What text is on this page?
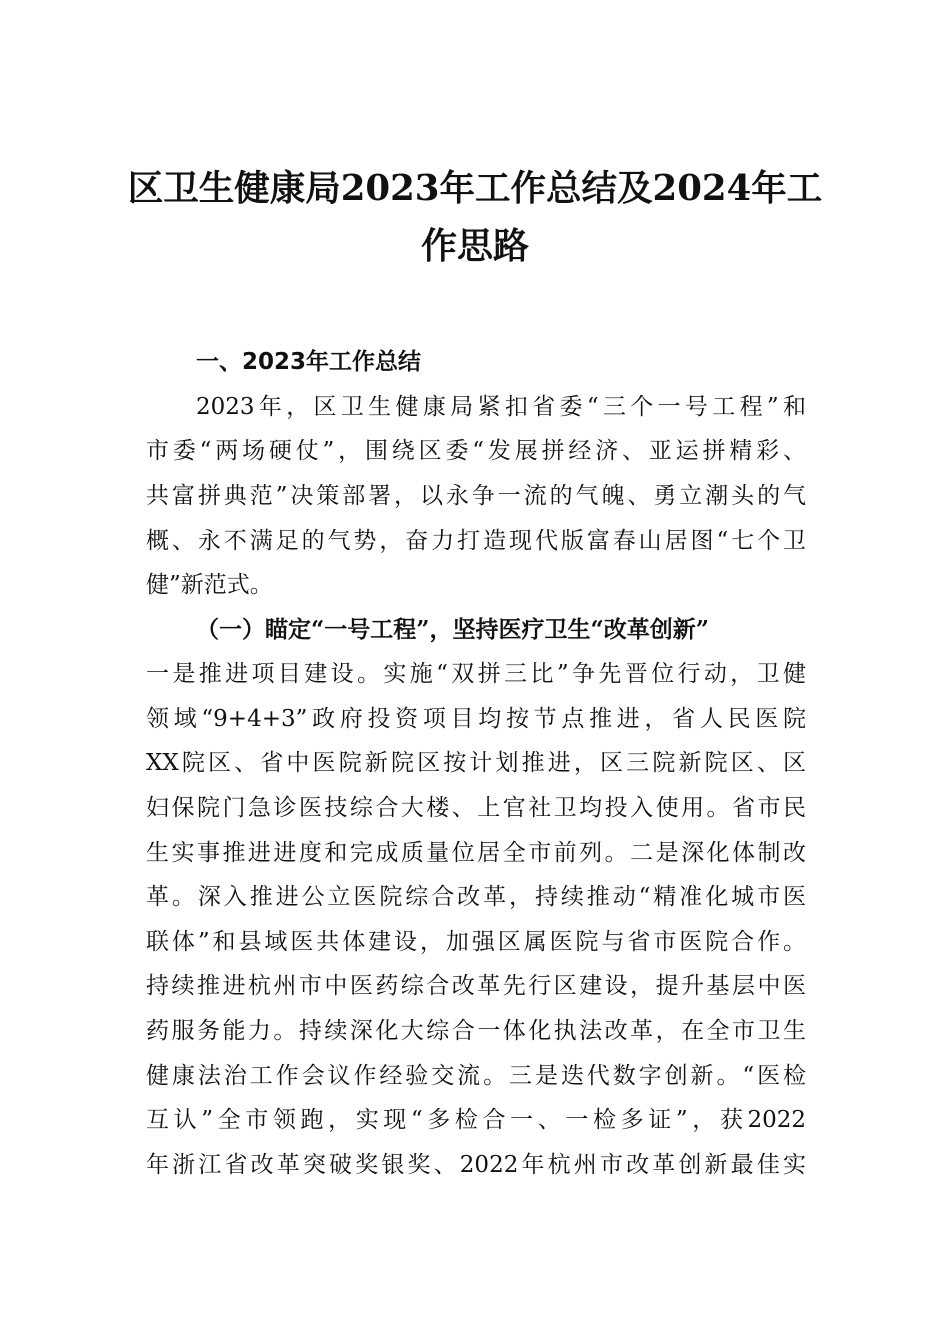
区卫生健康局2023年工作总结及2024年工
作思路
一、2023年工作总结
2023年，区卫生健康局紧扣省委“三个一号工程”和
市委“两场硬仗”，围绕区委“发展拼经济、亚运拼精彩、
共富拼典范”决策部署，以永争一流的气魄、勇立潮头的气
概、永不满足的气势，奋力打造现代版富春山居图“七个卫
健”新范式。
（一）瞄定“一号工程”，坚持医疗卫生“改革创新”
一是推进项目建设。实施“双拼三比”争先晋位行动，卫健
领域“9+4+3”政府投资项目均按节点推进，省人民医院
XX院区、省中医院新院区按计划推进，区三院新院区、区
妇保院门急诊医技综合大楼、上官社卫均投入使用。省市民
生实事推进进度和完成质量位居全市前列。二是深化体制改
革。深入推进公立医院综合改革，持续推动“精准化城市医
联体”和县域医共体建设，加强区属医院与省市医院合作。
持续推进杭州市中医药综合改革先行区建设，提升基层中医
药服务能力。持续深化大综合一体化执法改革，在全市卫生
健康法治工作会议作经验交流。三是迭代数字创新。“医检
互认”全市领跑，实现“多检合一、一检多证”，获2022
年浙江省改革突破奖银奖、2022年杭州市改革创新最佳实
